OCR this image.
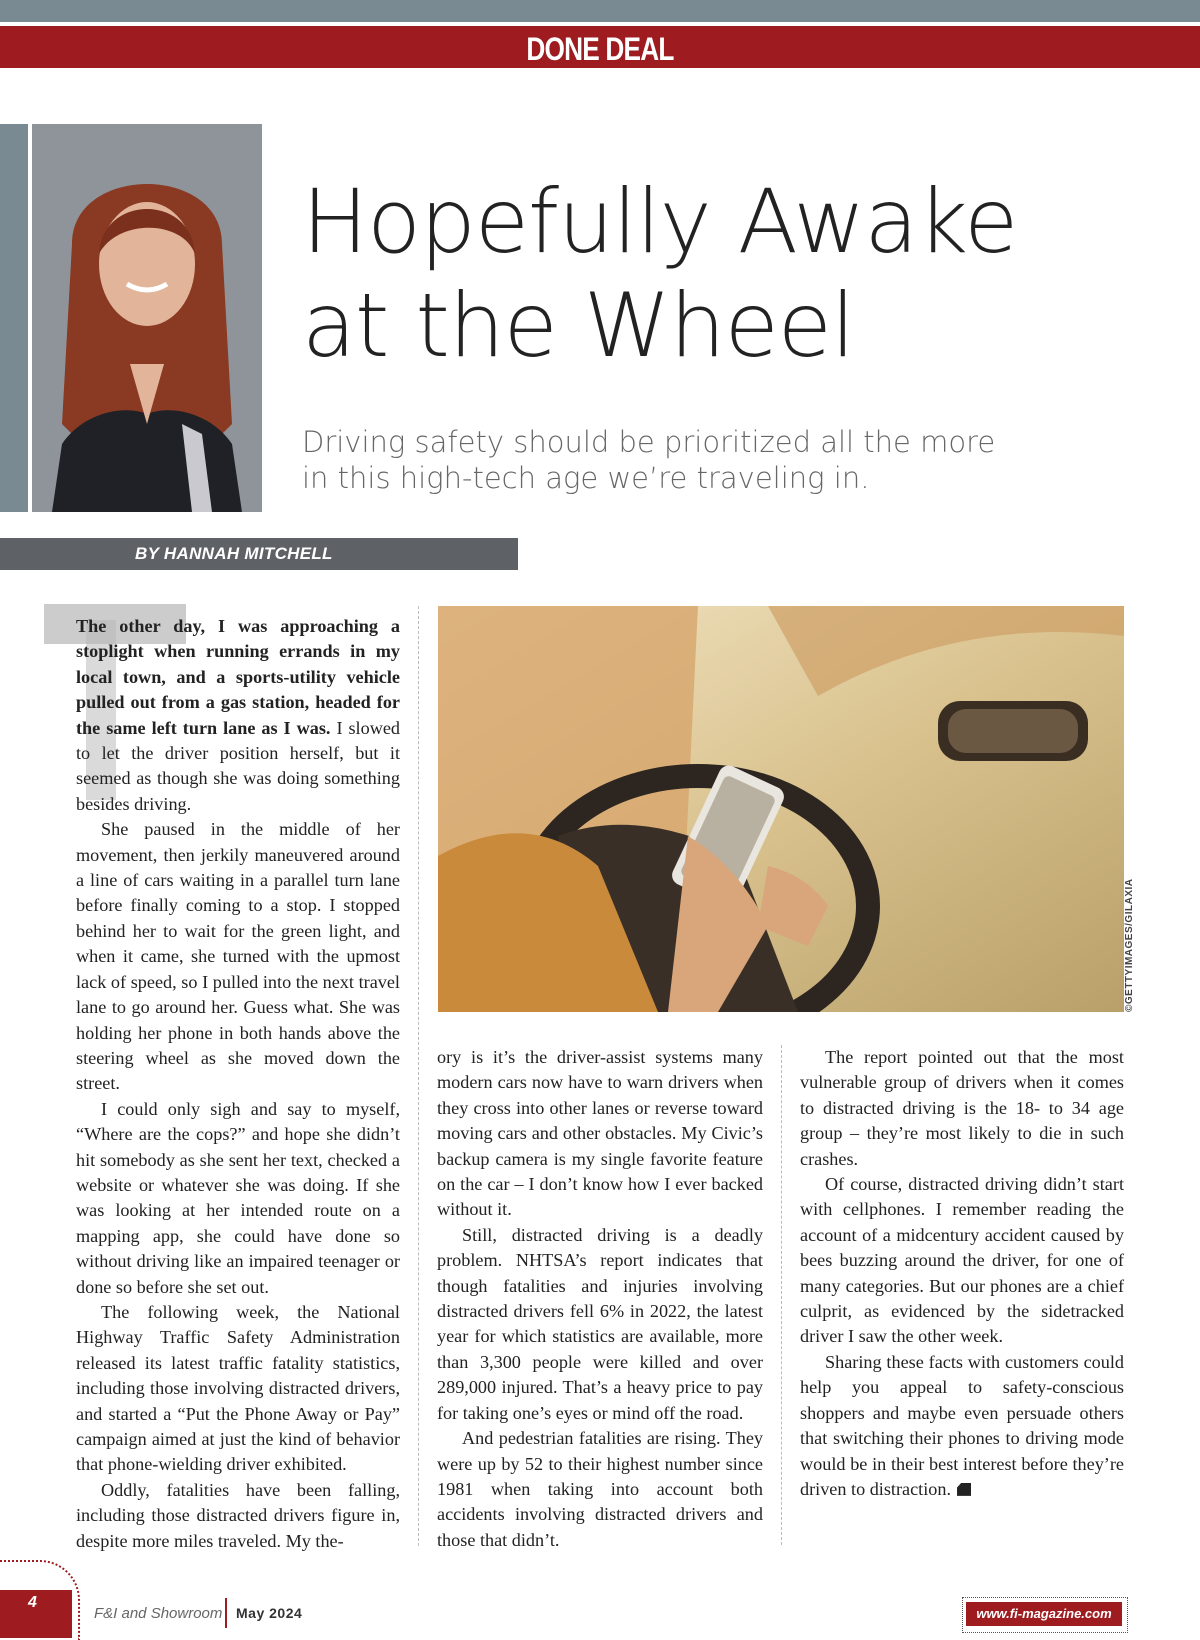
DONE DEAL
Hopefully Awake
at the Wheel
Driving safety should be prioritized all the more
in this high-tech age we’re traveling in.
BY HANNAH MITCHELL

The other day, I was approaching a stoplight when running errands in my local town, and a sports-utility vehicle pulled out from a gas station, headed for the same left turn lane as I was. I slowed to let the driver position herself, but it seemed as though she was doing something besides driving.

She paused in the middle of her movement, then jerkily maneuvered around a line of cars waiting in a parallel turn lane before finally coming to a stop. I stopped behind her to wait for the green light, and when it came, she turned with the upmost lack of speed, so I pulled into the next travel lane to go around her. Guess what. She was holding her phone in both hands above the steering wheel as she moved down the street.

I could only sigh and say to myself, “Where are the cops?” and hope she didn’t hit somebody as she sent her text, checked a website or whatever she was doing. If she was looking at her intended route on a mapping app, she could have done so without driving like an impaired teenager or done so before she set out.

The following week, the National Highway Traffic Safety Administration released its latest traffic fatality statistics, including those involving distracted drivers, and started a “Put the Phone Away or Pay” campaign aimed at just the kind of behavior that phone-wielding driver exhibited.

Oddly, fatalities have been falling, including those distracted drivers figure in, despite more miles traveled. My the-

©GETTYIMAGES/GILAXIA

ory is it’s the driver-assist systems many modern cars now have to warn drivers when they cross into other lanes or reverse toward moving cars and other obstacles. My Civic’s backup camera is my single favorite feature on the car – I don’t know how I ever backed without it.

Still, distracted driving is a deadly problem. NHTSA’s report indicates that though fatalities and injuries involving distracted drivers fell 6% in 2022, the latest year for which statistics are available, more than 3,300 people were killed and over 289,000 injured. That’s a heavy price to pay for taking one’s eyes or mind off the road.

And pedestrian fatalities are rising. They were up by 52 to their highest number since 1981 when taking into account both accidents involving distracted drivers and those that didn’t.

The report pointed out that the most vulnerable group of drivers when it comes to distracted driving is the 18- to 34 age group – they’re most likely to die in such crashes.

Of course, distracted driving didn’t start with cellphones. I remember reading the account of a midcentury accident caused by bees buzzing around the driver, for one of many categories. But our phones are a chief culprit, as evidenced by the sidetracked driver I saw the other week.

Sharing these facts with customers could help you appeal to safety-conscious shoppers and maybe even persuade others that switching their phones to driving mode would be in their best interest before they’re driven to distraction.

4
F&I and Showroom May 2024	www.fi-magazine.com
